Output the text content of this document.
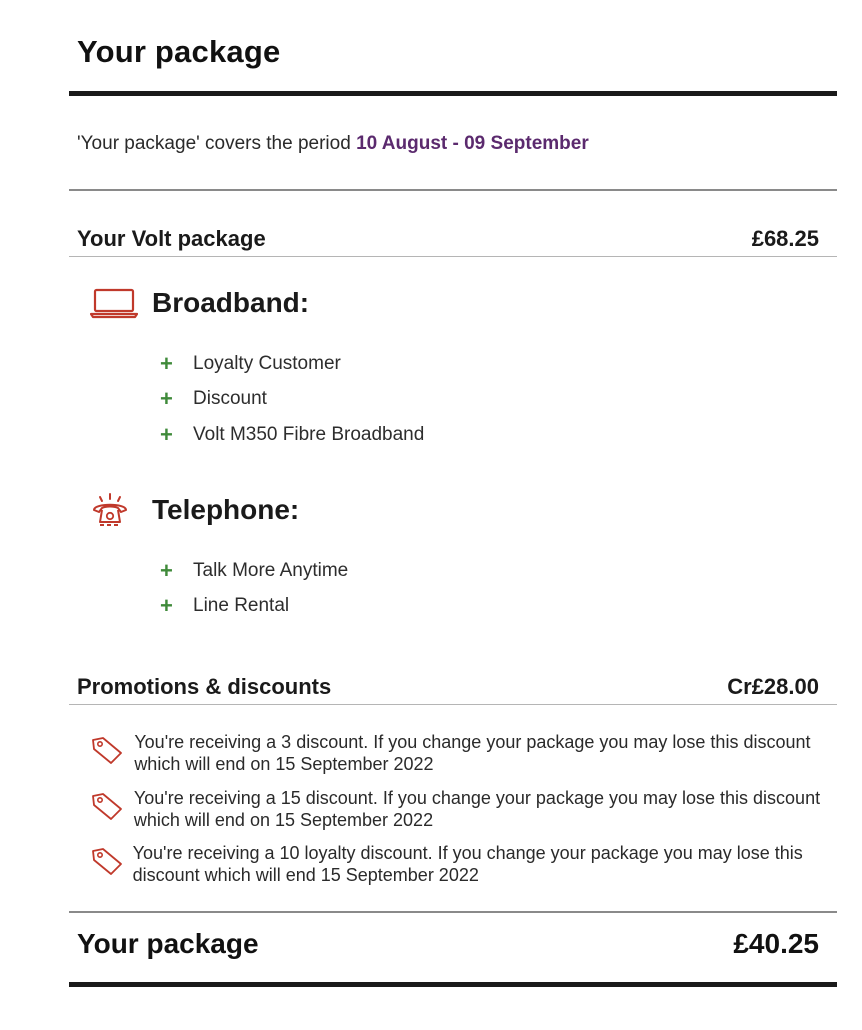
Your package
'Your package' covers the period 10 August - 09 September
Your Volt package	£68.25
Broadband:
+	Loyalty Customer
+	Discount
+	Volt M350 Fibre Broadband
Telephone:
+	Talk More Anytime
+	Line Rental
Promotions & discounts	Cr£28.00
You're receiving a 3 discount. If you change your package you may lose this discount which will end on 15 September 2022
You're receiving a 15 discount. If you change your package you may lose this discount which will end on 15 September 2022
You're receiving a 10 loyalty discount. If you change your package you may lose this discount which will end 15 September 2022
Your package	£40.25
